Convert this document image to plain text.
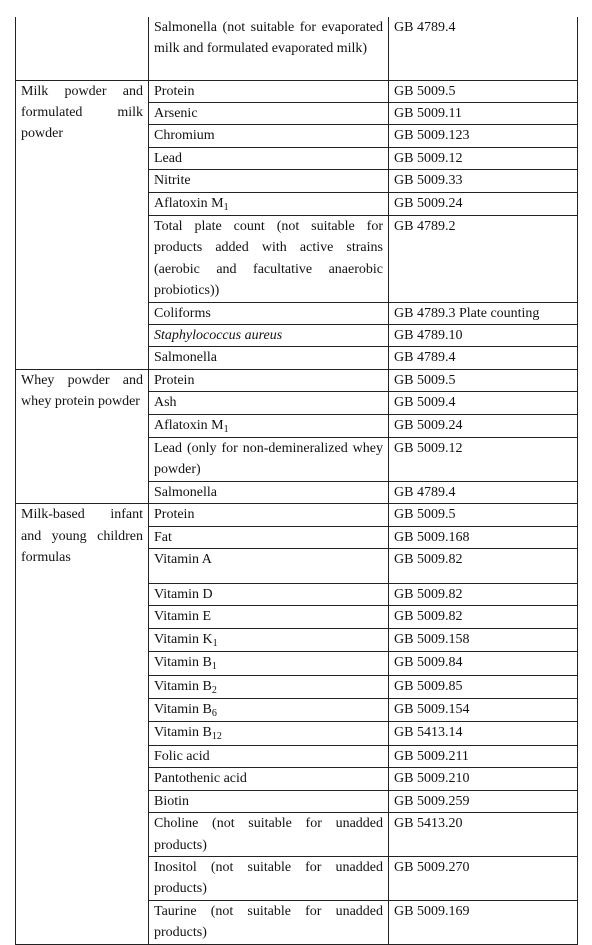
	Salmonella (not suitable for evaporated milk and formulated evaporated milk)	GB 4789.4
Milk powder and formulated milk powder	Protein	GB 5009.5
	Arsenic	GB 5009.11
	Chromium	GB 5009.123
	Lead	GB 5009.12
	Nitrite	GB 5009.33
	Aflatoxin $M_1$	GB 5009.24
	Total plate count (not suitable for products added with active strains (aerobic and facultative anaerobic probiotics))	GB 4789.2
	Coliforms	GB 4789.3 Plate counting
	Staphylococcus aureus	GB 4789.10
	Salmonella	GB 4789.4
Whey powder and whey protein powder	Protein	GB 5009.5
	Ash	GB 5009.4
	Aflatoxin $M_1$	GB 5009.24
	Lead (only for non-demineralized whey powder)	GB 5009.12
	Salmonella	GB 4789.4
Milk-based infant and young children formulas	Protein	GB 5009.5
	Fat	GB 5009.168
	Vitamin A	GB 5009.82
	Vitamin D	GB 5009.82
	Vitamin E	GB 5009.82
	Vitamin $K_1$	GB 5009.158
	Vitamin $B_1$	GB 5009.84
	Vitamin $B_2$	GB 5009.85
	Vitamin $B_6$	GB 5009.154
	Vitamin $B_{12}$	GB 5413.14
	Folic acid	GB 5009.211
	Pantothenic acid	GB 5009.210
	Biotin	GB 5009.259
	Choline (not suitable for unadded products)	GB 5413.20
	Inositol (not suitable for unadded products)	GB 5009.270
	Taurine (not suitable for unadded products)	GB 5009.169
